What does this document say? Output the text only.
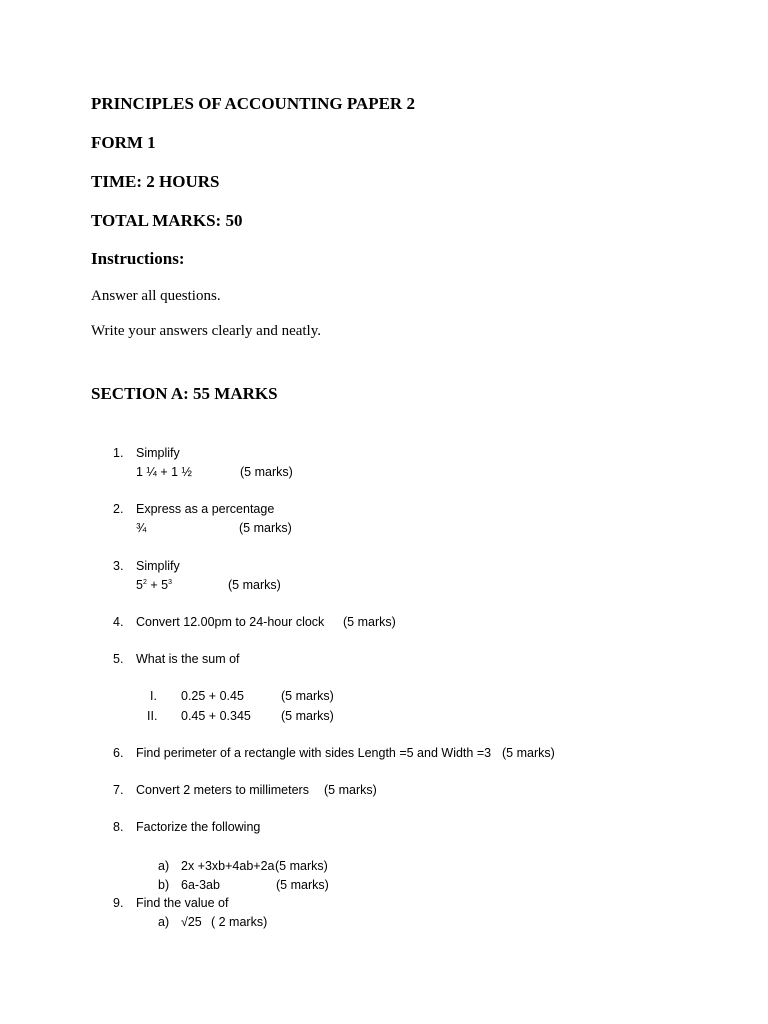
PRINCIPLES OF ACCOUNTING PAPER 2
FORM 1
TIME: 2 HOURS
TOTAL MARKS: 50
Instructions:
Answer all questions.
Write your answers clearly and neatly.
SECTION A: 55 MARKS
1. Simplify
1 ¼ + 1 ½	(5 marks)
2. Express as a percentage
¾	(5 marks)
3. Simplify
$5^2 + 5^3$	(5 marks)
4. Convert 12.00pm to 24-hour clock (5 marks)
5. What is the sum of
I. 0.25 + 0.45	(5 marks)
II. 0.45 + 0.345 (5 marks)
6. Find perimeter of a rectangle with sides Length =5 and Width =3 (5 marks)
7. Convert 2 meters to millimeters (5 marks)
8. Factorize the following
a) 2x +3xb+4ab+2a (5 marks)
b) 6a-3ab	(5 marks)
9. Find the value of
a) √25 ( 2 marks)
